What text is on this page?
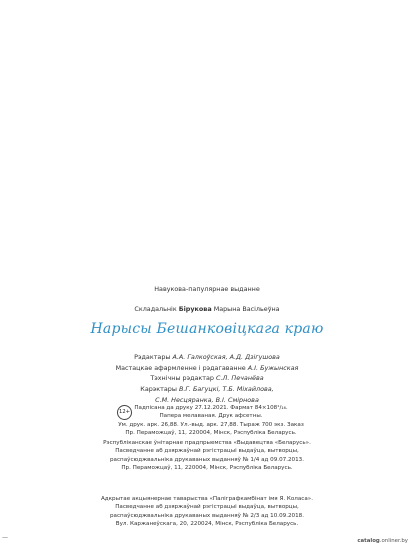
Навукова-папулярнае выданне
Складальнік Бірукова Марына Васільеўна
Нарысы Бешанковіцкага краю
Рэдактары А.А. Галкоўская, А.Д. Дзігушова
Мастацкае афармленне і рэдагаванне А.І. Бужынская
Тэхнічны рэдактар С.Л. Печанёва
Карэктары В.Г. Багуцкі, Т.Б. Міхайлова,
С.М. Несцяранка, В.І. Смірнова
12+
Падпісана да друку 27.12.2021. Фармат 84×108¹/₁₆.
Папера мелаваная. Друк афсетны.
Ум. друк. арк. 26,88. Ул.-выд. арк. 27,88. Тыраж 700 экз. Заказ
Пр. Пераможцаў, 11, 220004, Мінск, Рэспубліка Беларусь.
Рэспубліканскае ўнітарнае прадпрыемства «Выдавецтва «Беларусь».
Пасведчанне аб дзяржаўнай рэгістрацыі выдаўца, вытворцы,
распаўсюджвальніка друкаваных выданняў № 1/4 ад 09.07.2013.
Пр. Пераможцаў, 11, 220004, Мінск, Рэспубліка Беларусь.
Адкрытае акцыянернае таварыства «Паліграфкамбінат імя Я. Коласа».
Пасведчанне аб дзяржаўнай рэгістрацыі выдаўца, вытворцы,
распаўсюджвальніка друкаваных выданняў № 2/3 ад 10.09.2018.
Вул. Каржанеўскага, 20, 220024, Мінск, Рэспубліка Беларусь.
—	catalog.onliner.by
